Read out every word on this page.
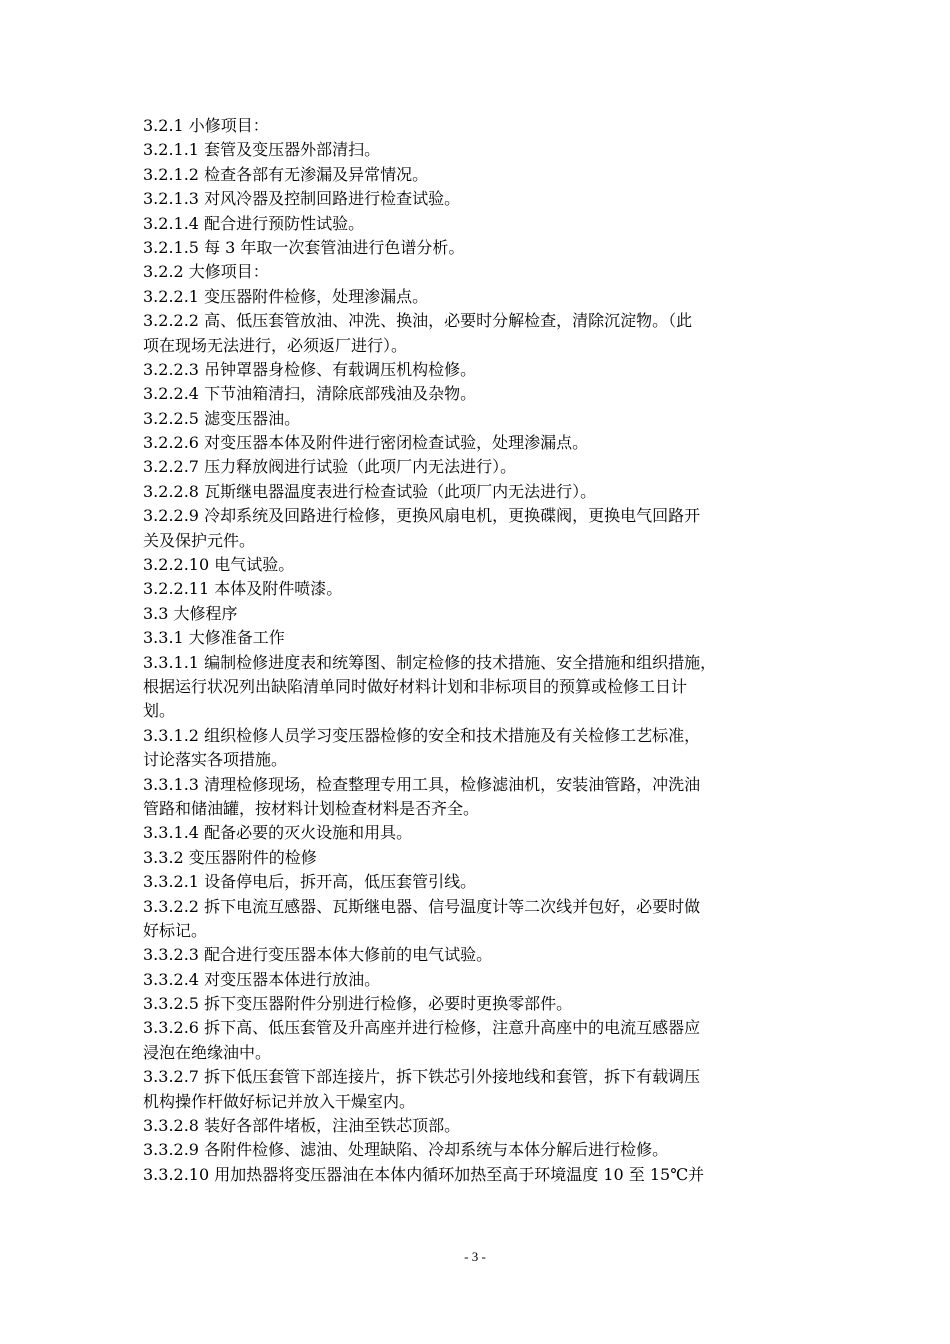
3.2.1 小修项目：
3.2.1.1 套管及变压器外部清扫。
3.2.1.2 检查各部有无渗漏及异常情况。
3.2.1.3 对风冷器及控制回路进行检查试验。
3.2.1.4 配合进行预防性试验。
3.2.1.5 每 3 年取一次套管油进行色谱分析。
3.2.2 大修项目：
3.2.2.1 变压器附件检修，处理渗漏点。
3.2.2.2 高、低压套管放油、冲洗、换油，必要时分解检查，清除沉淀物。（此
项在现场无法进行，必须返厂进行）。
3.2.2.3 吊钟罩器身检修、有载调压机构检修。
3.2.2.4 下节油箱清扫，清除底部残油及杂物。
3.2.2.5 滤变压器油。
3.2.2.6 对变压器本体及附件进行密闭检查试验，处理渗漏点。
3.2.2.7 压力释放阀进行试验（此项厂内无法进行）。
3.2.2.8 瓦斯继电器温度表进行检查试验（此项厂内无法进行）。
3.2.2.9 冷却系统及回路进行检修，更换风扇电机，更换碟阀，更换电气回路开
关及保护元件。
3.2.2.10 电气试验。
3.2.2.11 本体及附件喷漆。
3.3 大修程序
3.3.1 大修准备工作
3.3.1.1 编制检修进度表和统筹图、制定检修的技术措施、安全措施和组织措施，
根据运行状况列出缺陷清单同时做好材料计划和非标项目的预算或检修工日计
划。
3.3.1.2 组织检修人员学习变压器检修的安全和技术措施及有关检修工艺标准，
讨论落实各项措施。
3.3.1.3 清理检修现场，检查整理专用工具，检修滤油机，安装油管路，冲洗油
管路和储油罐，按材料计划检查材料是否齐全。
3.3.1.4 配备必要的灭火设施和用具。
3.3.2 变压器附件的检修
3.3.2.1 设备停电后，拆开高，低压套管引线。
3.3.2.2 拆下电流互感器、瓦斯继电器、信号温度计等二次线并包好，必要时做
好标记。
3.3.2.3 配合进行变压器本体大修前的电气试验。
3.3.2.4 对变压器本体进行放油。
3.3.2.5 拆下变压器附件分别进行检修，必要时更换零部件。
3.3.2.6 拆下高、低压套管及升高座并进行检修，注意升高座中的电流互感器应
浸泡在绝缘油中。
3.3.2.7 拆下低压套管下部连接片，拆下铁芯引外接地线和套管，拆下有载调压
机构操作杆做好标记并放入干燥室内。
3.3.2.8 装好各部件堵板，注油至铁芯顶部。
3.3.2.9 各附件检修、滤油、处理缺陷、冷却系统与本体分解后进行检修。
3.3.2.10 用加热器将变压器油在本体内循环加热至高于环境温度 10 至 15℃并
- 3 -
